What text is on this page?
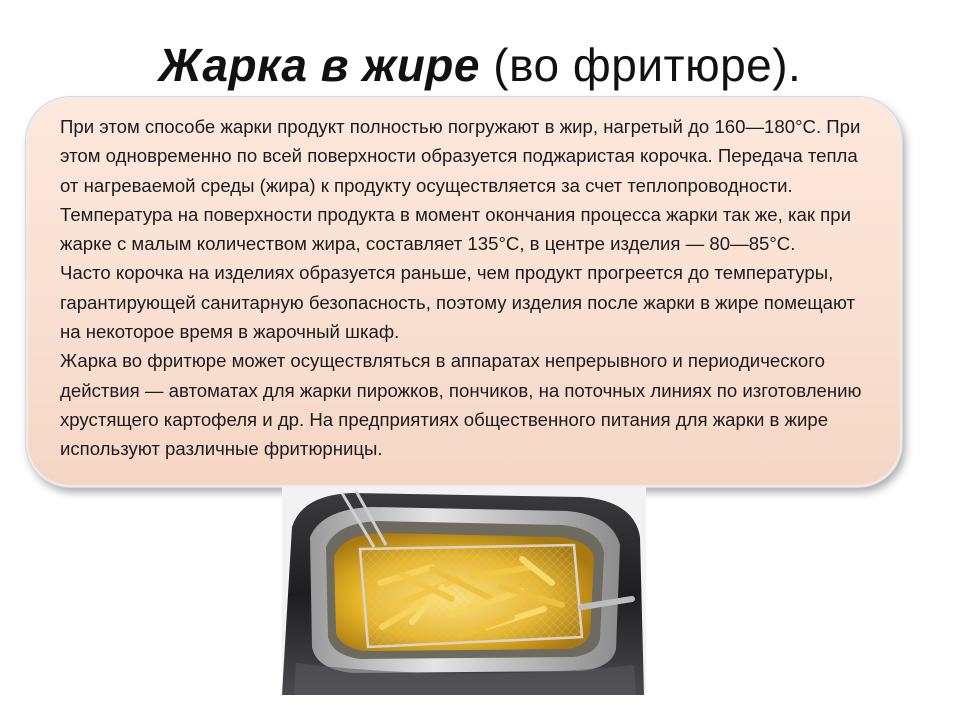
Жарка в жире (во фритюре).

При этом способе жарки продукт полностью погружают в жир, нагретый до 160—180°С. При этом одновременно по всей поверхности образуется поджаристая корочка. Передача тепла от нагреваемой среды (жира) к продукту осуществляется за счет теплопроводности. Температура на поверхности продукта в момент окончания процесса жарки так же, как при жарке с малым количеством жира, составляет 135°С, в центре изделия — 80—85°С.

Часто корочка на изделиях образуется раньше, чем продукт прогреется до температуры, гарантирующей санитарную безопасность, поэтому изделия после жарки в жире помещают на некоторое время в жарочный шкаф.

Жарка во фритюре может осуществляться в аппаратах непрерывного и периодического действия — автоматах для жарки пирожков, пончиков, на поточных линиях по изготовлению хрустящего картофеля и др. На предприятиях общественного питания для жарки в жире используют различные фритюрницы.
